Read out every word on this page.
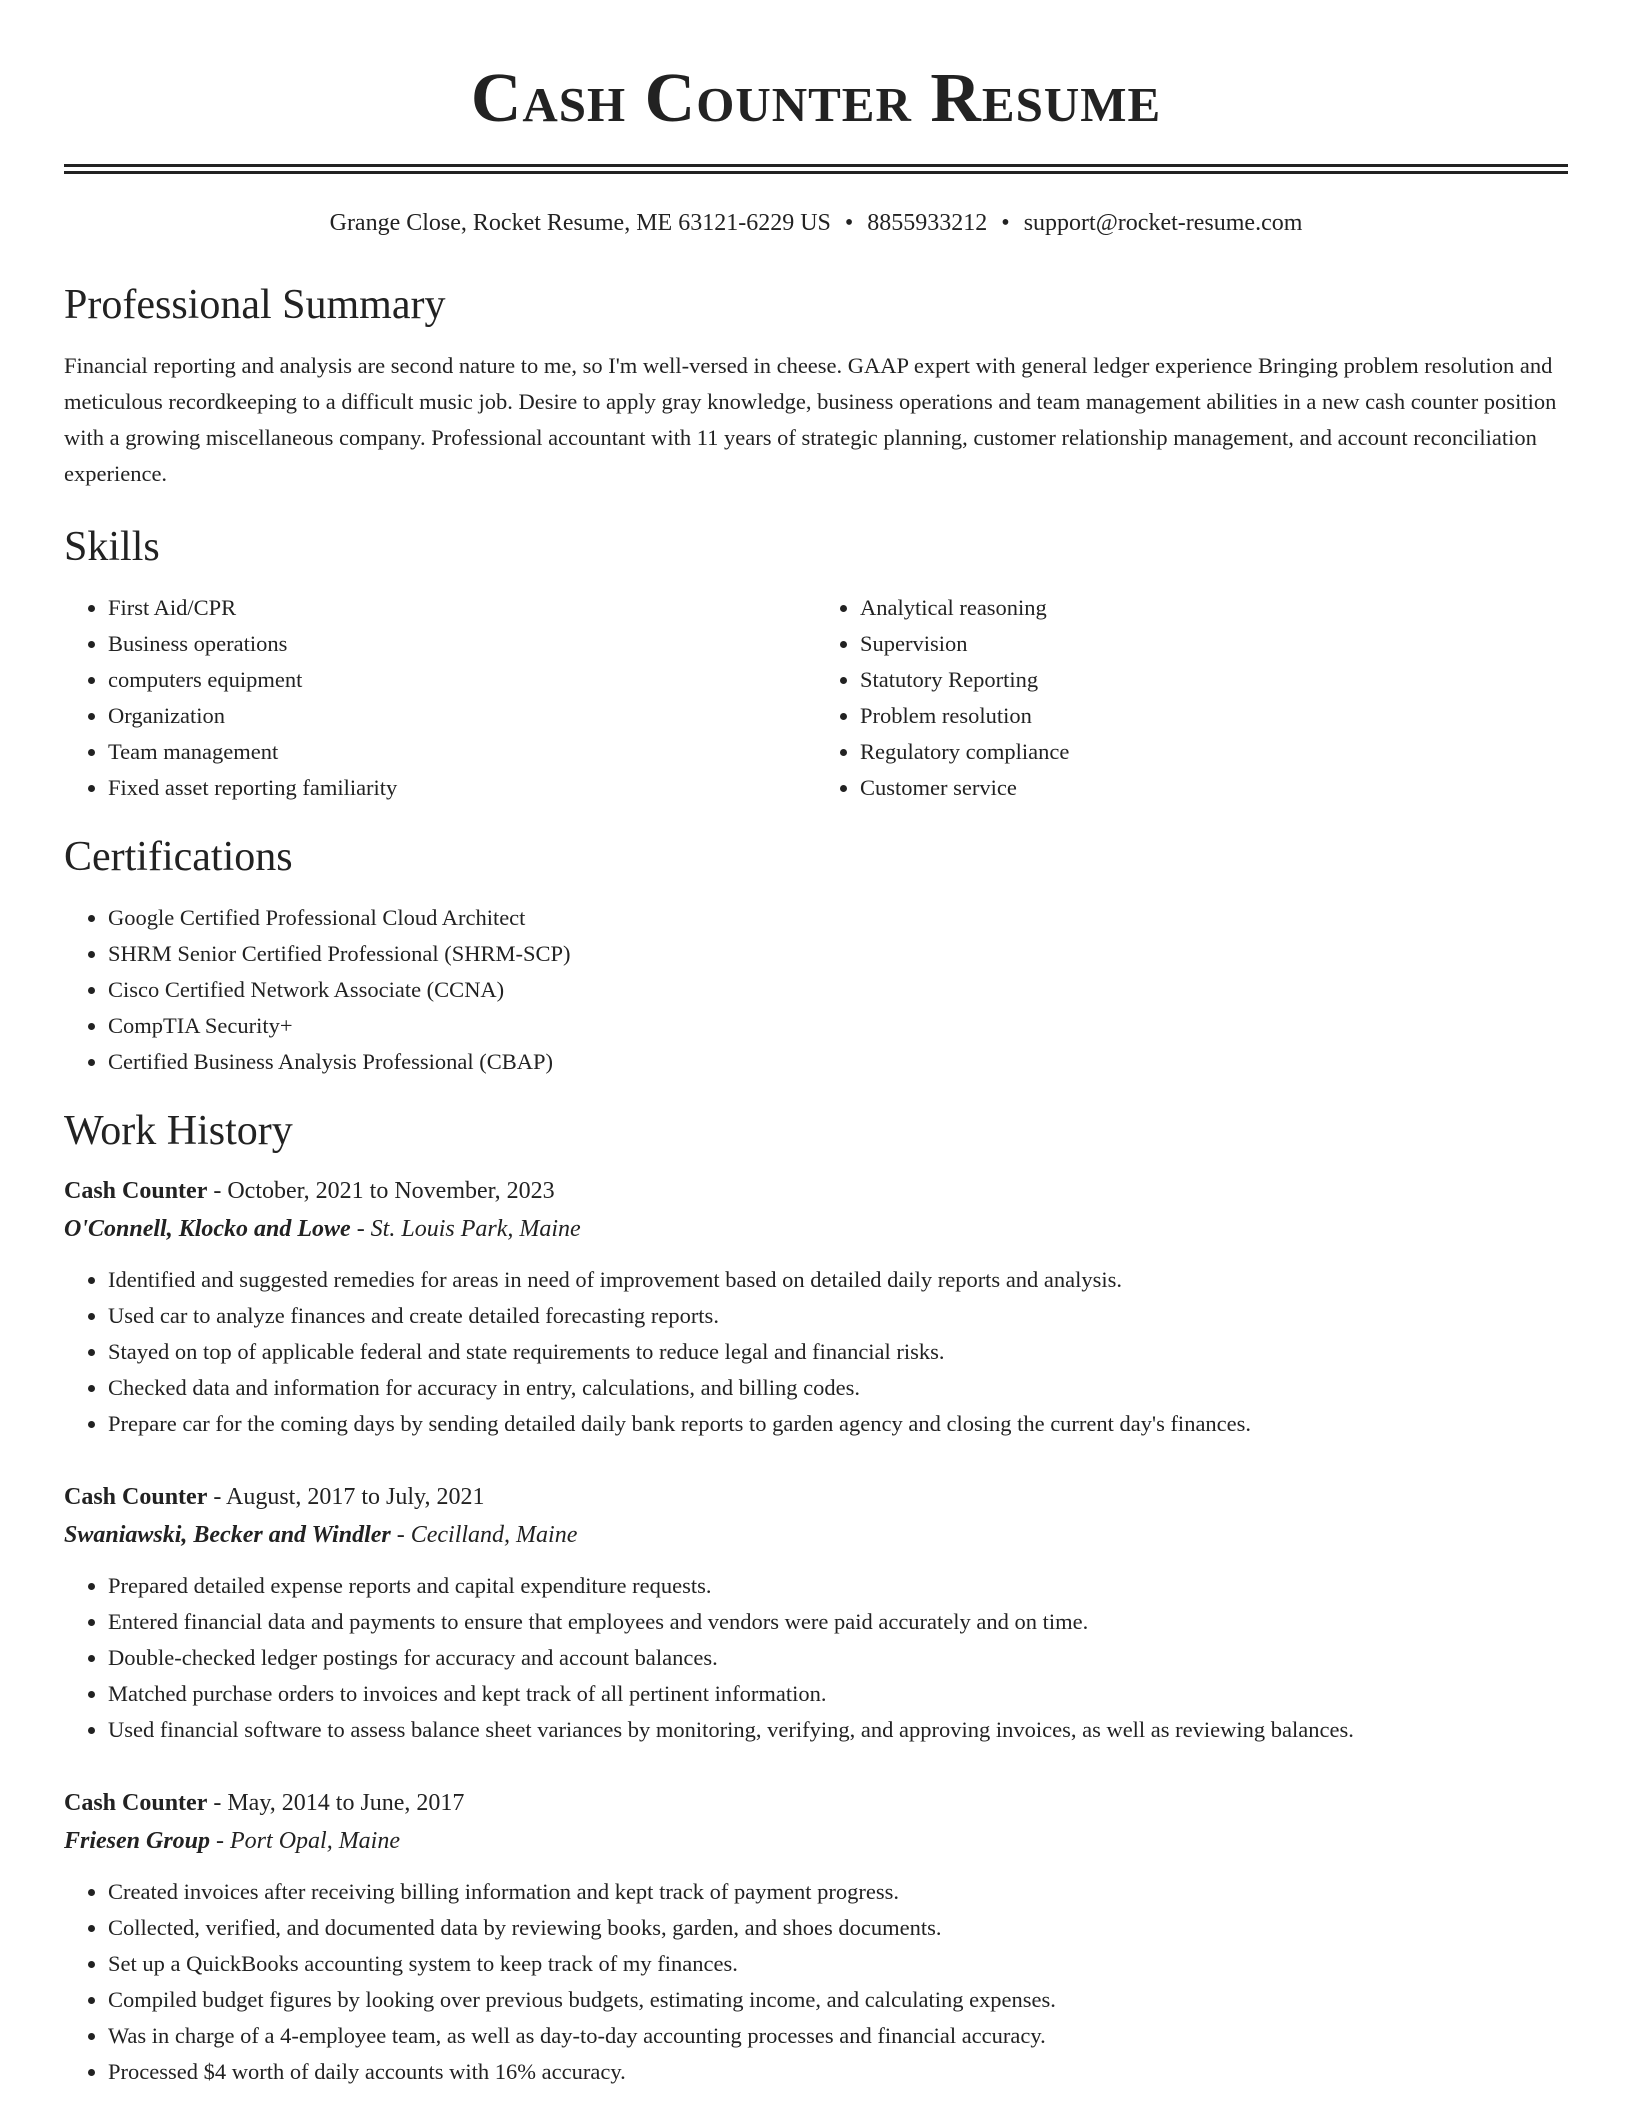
Cash Counter Resume
Grange Close, Rocket Resume, ME 63121-6229 US • 8855933212 • support@rocket-resume.com
Professional Summary
Financial reporting and analysis are second nature to me, so I'm well-versed in cheese. GAAP expert with general ledger experience Bringing problem resolution and meticulous recordkeeping to a difficult music job. Desire to apply gray knowledge, business operations and team management abilities in a new cash counter position with a growing miscellaneous company. Professional accountant with 11 years of strategic planning, customer relationship management, and account reconciliation experience.
Skills
• First Aid/CPR
• Business operations
• computers equipment
• Organization
• Team management
• Fixed asset reporting familiarity
• Analytical reasoning
• Supervision
• Statutory Reporting
• Problem resolution
• Regulatory compliance
• Customer service
Certifications
• Google Certified Professional Cloud Architect
• SHRM Senior Certified Professional (SHRM-SCP)
• Cisco Certified Network Associate (CCNA)
• CompTIA Security+
• Certified Business Analysis Professional (CBAP)
Work History
Cash Counter - October, 2021 to November, 2023
O'Connell, Klocko and Lowe - St. Louis Park, Maine
• Identified and suggested remedies for areas in need of improvement based on detailed daily reports and analysis.
• Used car to analyze finances and create detailed forecasting reports.
• Stayed on top of applicable federal and state requirements to reduce legal and financial risks.
• Checked data and information for accuracy in entry, calculations, and billing codes.
• Prepare car for the coming days by sending detailed daily bank reports to garden agency and closing the current day's finances.
Cash Counter - August, 2017 to July, 2021
Swaniawski, Becker and Windler - Cecilland, Maine
• Prepared detailed expense reports and capital expenditure requests.
• Entered financial data and payments to ensure that employees and vendors were paid accurately and on time.
• Double-checked ledger postings for accuracy and account balances.
• Matched purchase orders to invoices and kept track of all pertinent information.
• Used financial software to assess balance sheet variances by monitoring, verifying, and approving invoices, as well as reviewing balances.
Cash Counter - May, 2014 to June, 2017
Friesen Group - Port Opal, Maine
• Created invoices after receiving billing information and kept track of payment progress.
• Collected, verified, and documented data by reviewing books, garden, and shoes documents.
• Set up a QuickBooks accounting system to keep track of my finances.
• Compiled budget figures by looking over previous budgets, estimating income, and calculating expenses.
• Was in charge of a 4-employee team, as well as day-to-day accounting processes and financial accuracy.
• Processed $4 worth of daily accounts with 16% accuracy.
